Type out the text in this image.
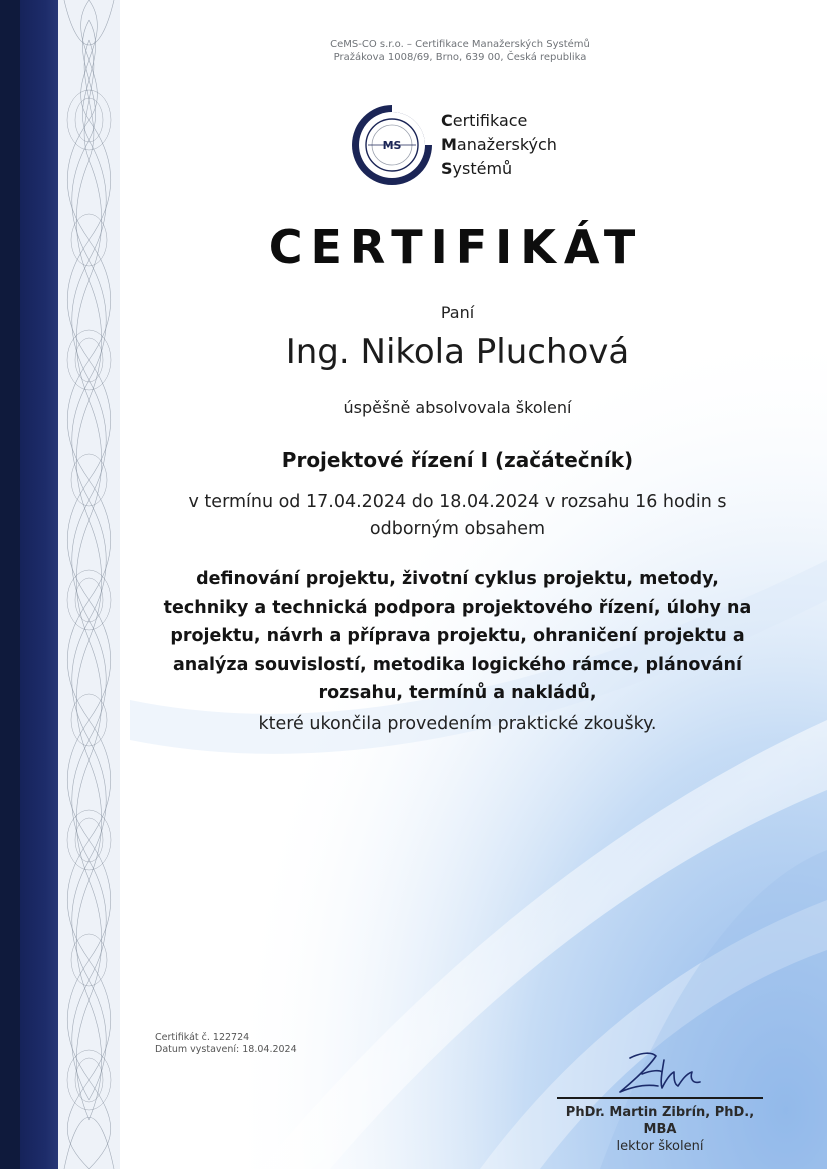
CeMS-CO s.r.o. – Certifikace Manažerských Systémů
Pražákova 1008/69, Brno, 639 00, Česká republika
MS
Certifikace
Manažerských
Systémů
CERTIFIKÁT
Paní
Ing. Nikola Pluchová
úspěšně absolvovala školení
Projektové řízení I (začátečník)
v termínu od 17.04.2024 do 18.04.2024 v rozsahu 16 hodin s
odborným obsahem
definování projektu, životní cyklus projektu, metody,
techniky a technická podpora projektového řízení, úlohy na
projektu, návrh a příprava projektu, ohraničení projektu a
analýza souvislostí, metodika logického rámce, plánování
rozsahu, termínů a nakládů,
které ukončila provedením praktické zkoušky.
Certifikát č. 122724
Datum vystavení: 18.04.2024
PhDr. Martin Zibrín, PhD.,
MBA
lektor školení
